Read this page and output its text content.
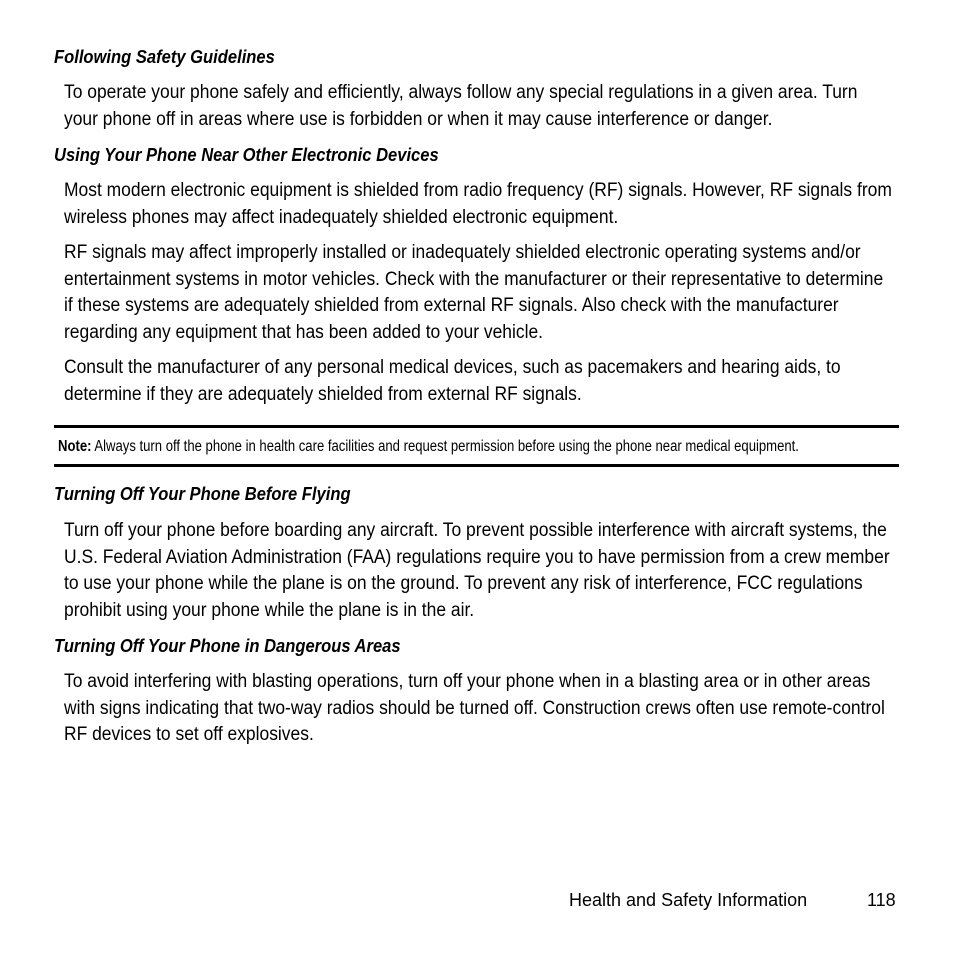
Following Safety Guidelines

To operate your phone safely and efficiently, always follow any special regulations in a given area. Turn your phone off in areas where use is forbidden or when it may cause interference or danger.

Using Your Phone Near Other Electronic Devices

Most modern electronic equipment is shielded from radio frequency (RF) signals. However, RF signals from wireless phones may affect inadequately shielded electronic equipment.

RF signals may affect improperly installed or inadequately shielded electronic operating systems and/or entertainment systems in motor vehicles. Check with the manufacturer or their representative to determine if these systems are adequately shielded from external RF signals. Also check with the manufacturer regarding any equipment that has been added to your vehicle.

Consult the manufacturer of any personal medical devices, such as pacemakers and hearing aids, to determine if they are adequately shielded from external RF signals.

Note: Always turn off the phone in health care facilities and request permission before using the phone near medical equipment.

Turning Off Your Phone Before Flying

Turn off your phone before boarding any aircraft. To prevent possible interference with aircraft systems, the U.S. Federal Aviation Administration (FAA) regulations require you to have permission from a crew member to use your phone while the plane is on the ground. To prevent any risk of interference, FCC regulations prohibit using your phone while the plane is in the air.

Turning Off Your Phone in Dangerous Areas

To avoid interfering with blasting operations, turn off your phone when in a blasting area or in other areas with signs indicating that two-way radios should be turned off. Construction crews often use remote-control RF devices to set off explosives.

Health and Safety Information	118
